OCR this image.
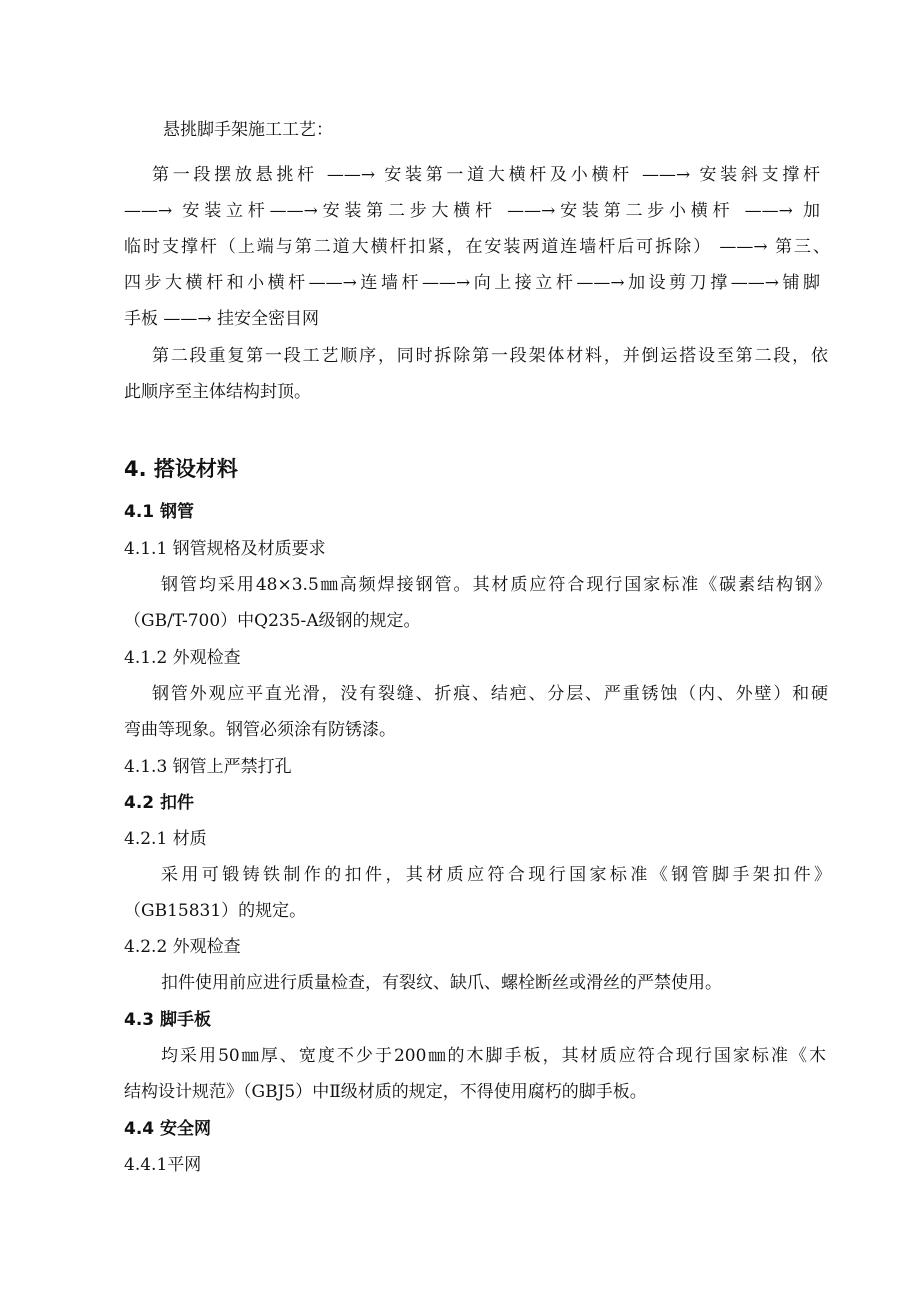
悬挑脚手架施工工艺：
第一段摆放悬挑杆 ——→ 安装第一道大横杆及小横杆 ——→ 安装斜支撑杆
——→ 安装立杆——→安装第二步大横杆 ——→安装第二步小横杆 ——→ 加
临时支撑杆（上端与第二道大横杆扣紧，在安装两道连墙杆后可拆除） ——→ 第三、
四步大横杆和小横杆——→连墙杆——→向上接立杆——→加设剪刀撑——→铺脚
手板 ——→ 挂安全密目网
第二段重复第一段工艺顺序，同时拆除第一段架体材料，并倒运搭设至第二段，依
此顺序至主体结构封顶。
4. 搭设材料
4.1 钢管
4.1.1 钢管规格及材质要求
钢管均采用48×3.5㎜高频焊接钢管。其材质应符合现行国家标准《碳素结构钢》
（GB/T-700）中Q235-A级钢的规定。
4.1.2 外观检查
钢管外观应平直光滑，没有裂缝、折痕、结疤、分层、严重锈蚀（内、外壁）和硬
弯曲等现象。钢管必须涂有防锈漆。
4.1.3 钢管上严禁打孔
4.2 扣件
4.2.1 材质
采用可锻铸铁制作的扣件，其材质应符合现行国家标准《钢管脚手架扣件》
（GB15831）的规定。
4.2.2 外观检查
扣件使用前应进行质量检查，有裂纹、缺爪、螺栓断丝或滑丝的严禁使用。
4.3 脚手板
均采用50㎜厚、宽度不少于200㎜的木脚手板，其材质应符合现行国家标准《木
结构设计规范》（GBJ5）中Ⅱ级材质的规定，不得使用腐朽的脚手板。
4.4 安全网
4.4.1平网
